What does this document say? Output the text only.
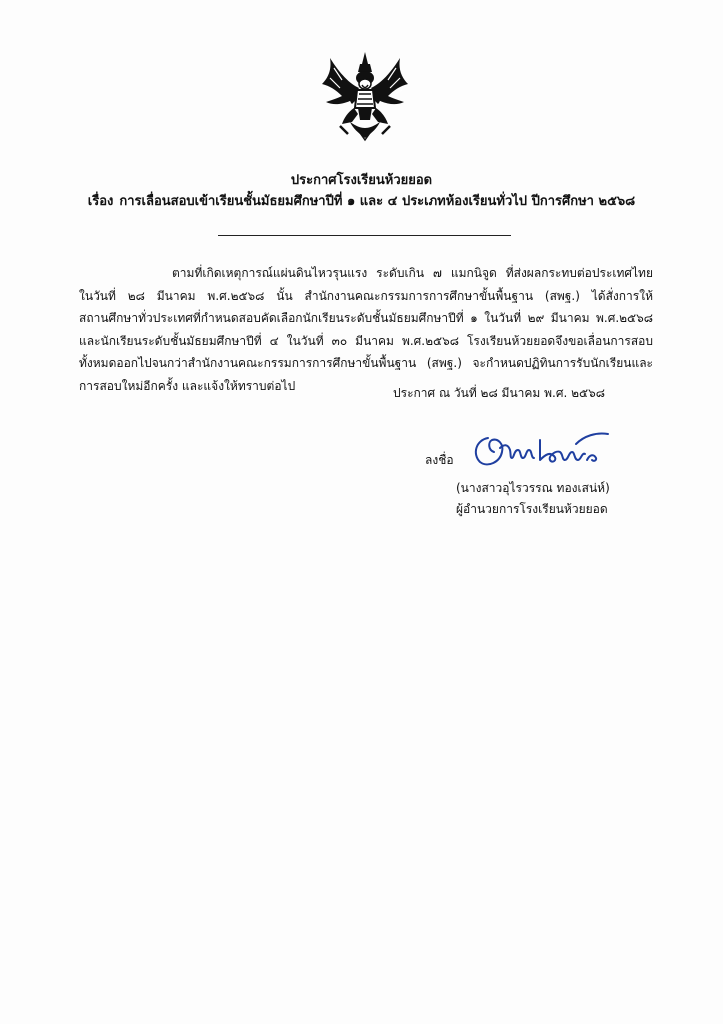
ประกาศโรงเรียนห้วยยอด
เรื่อง การเลื่อนสอบเข้าเรียนชั้นมัธยมศึกษาปีที่ ๑ และ ๔ ประเภทห้องเรียนทั่วไป ปีการศึกษา ๒๕๖๘
ตามที่เกิดเหตุการณ์แผ่นดินไหวรุนแรง ระดับเกิน ๗ แมกนิจูด ที่ส่งผลกระทบต่อประเทศไทย
ในวันที่ ๒๘ มีนาคม พ.ศ.๒๕๖๘ นั้น สำนักงานคณะกรรมการการศึกษาขั้นพื้นฐาน (สพฐ.) ได้สั่งการให้
สถานศึกษาทั่วประเทศที่กำหนดสอบคัดเลือกนักเรียนระดับชั้นมัธยมศึกษาปีที่ ๑ ในวันที่ ๒๙ มีนาคม พ.ศ.๒๕๖๘
และนักเรียนระดับชั้นมัธยมศึกษาปีที่ ๔ ในวันที่ ๓๐ มีนาคม พ.ศ.๒๕๖๘ โรงเรียนห้วยยอดจึงขอเลื่อนการสอบ
ทั้งหมดออกไปจนกว่าสำนักงานคณะกรรมการการศึกษาขั้นพื้นฐาน (สพฐ.) จะกำหนดปฏิทินการรับนักเรียนและ
การสอบใหม่อีกครั้ง และแจ้งให้ทราบต่อไป
ประกาศ ณ วันที่ ๒๘ มีนาคม พ.ศ. ๒๕๖๘
ลงชื่อ
(นางสาวอุไรวรรณ ทองเสน่ห์)
ผู้อำนวยการโรงเรียนห้วยยอด
